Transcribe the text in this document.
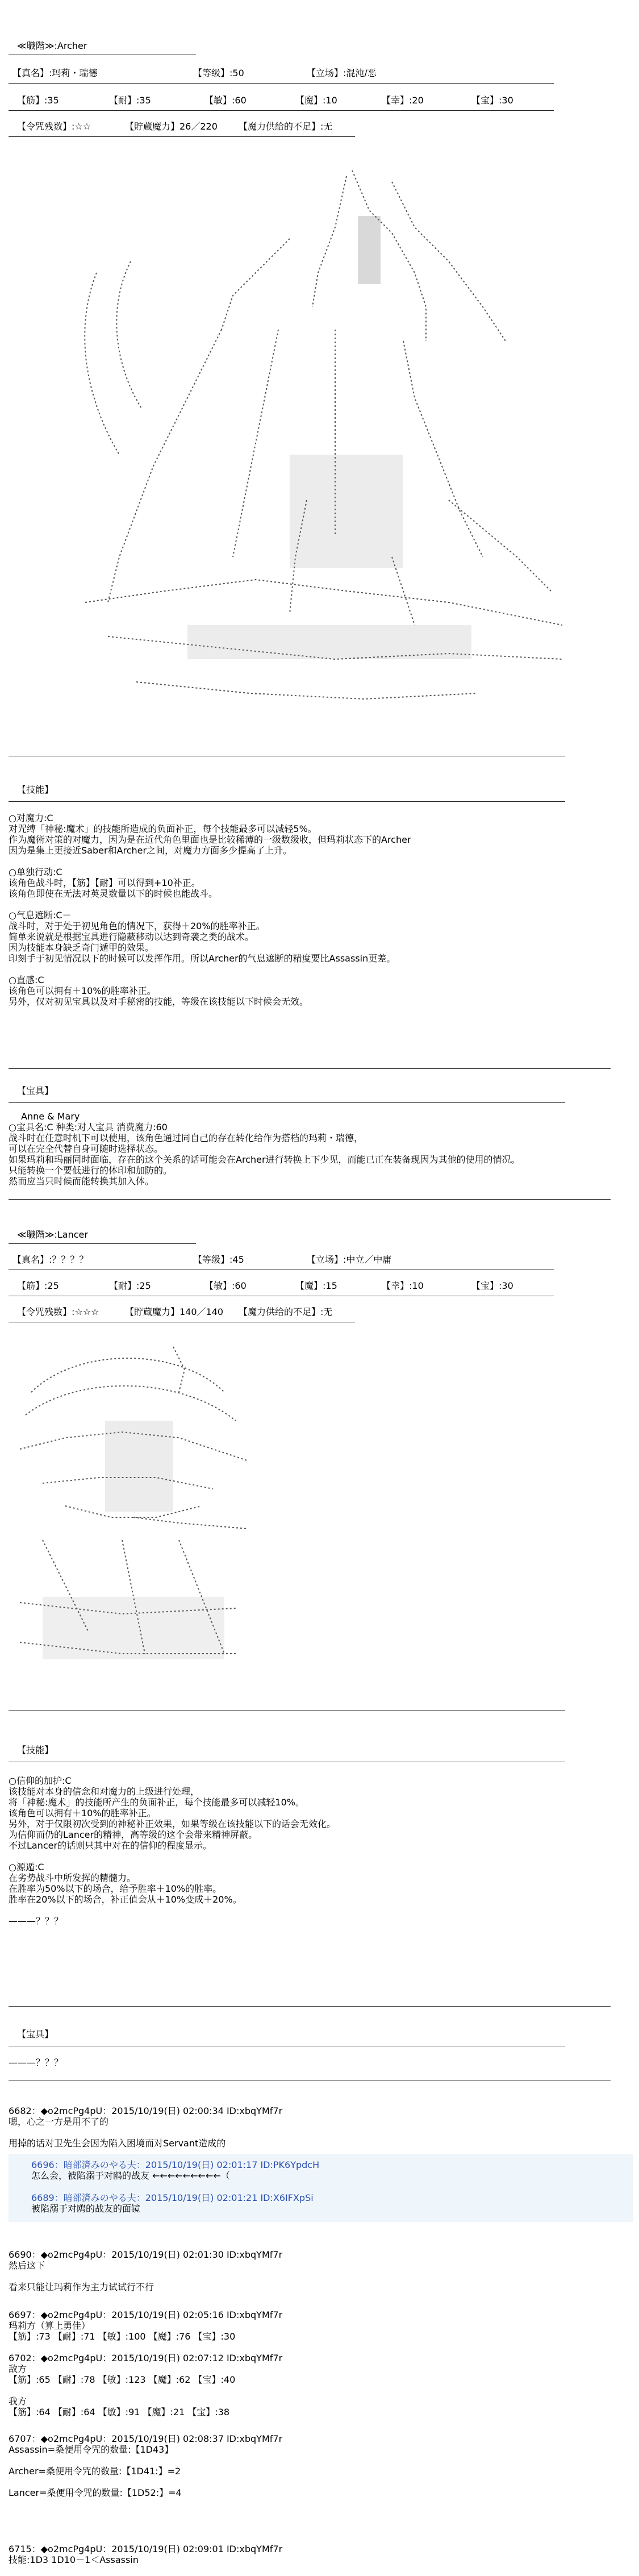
≪職階≫:Archer
【真名】:玛莉・瑞德	【等级】:50	【立场】:混沌/恶
【筋】:35	【耐】:35	【敏】:60	【魔】:10	【幸】:20	【宝】:30
【令咒残数】:☆☆	【貯蔵魔力】26／220 【魔力供給的不足】:无
【技能】
○对魔力:C
对咒缚「神秘:魔术」的技能所造成的负面补正，每个技能最多可以减轻5%。
作为魔術对策的对魔力，因为是在近代角色里面也是比较稀薄的一级数级收，但玛莉状态下的Archer
因为是集上更接近Saber和Archer之间，对魔力方面多少提高了上升。
○单独行动:C
该角色战斗时，【筋】【耐】可以得到+10补正。
该角色即使在无法对英灵数量以下的时候也能战斗。
○气息遮断:C－
战斗时，对于处于初见角色的情况下，获得＋20%的胜率补正。
简单来说就是根据宝具进行隐蔽移动以达到奇袭之类的战术。
因为技能本身缺乏奇门遁甲的效果。
印刻手于初见情况以下的时候可以发挥作用。所以Archer的气息遮断的精度要比Assassin更差。
○直感:C
该角色可以拥有＋10%的胜率补正。
另外，仅对初见宝具以及对手秘密的技能，等级在该技能以下时候会无效。
【宝具】
Anne & Mary
○宝具名:C 种类:对人宝具 消费魔力:60
战斗时在任意时机下可以使用，该角色通过同自己的存在转化给作为搭档的玛莉・瑞德，
可以在完全代替自身可随时选择状态。
如果玛莉和玛丽同时面临，存在的这个关系的话可能会在Archer进行转换上下少见，而能已正在装备现因为其他的使用的情况。
只能转换一个要低进行的体印和加防的。
然而应当只时候而能转换其加入体。
≪職階≫:Lancer
【真名】:？？？？	【等级】:45	【立场】:中立／中庸
【筋】:25	【耐】:25	【敏】:60	【魔】:15	【幸】:10	【宝】:30
【令咒残数】:☆☆☆	【貯蔵魔力】140／140 【魔力供给的不足】:无
【技能】
○信仰的加护:C
该技能对本身的信念和对魔力的上级进行处理，
将「神秘:魔术」的技能所产生的负面补正，每个技能最多可以减轻10%。
该角色可以拥有＋10%的胜率补正。
另外，对于仅限初次受到的神秘补正效果，如果等级在该技能以下的话会无效化。
为信仰而仍的Lancer的精神，高等级的这个会带来精神屏蔽。
不过Lancer的话则只其中对在的信仰的程度显示。
○源遁:C
在劣势战斗中所发挥的精髓力。
在胜率为50%以下的场合，给予胜率＋10%的胜率。
胜率在20%以下的场合，补正值会从＋10%变成＋20%。
———？？？
【宝具】
———？？？
6682：◆o2mcPg4pU：2015/10/19(日) 02:00:34 ID:xbqYMf7r
嗯，心之一方是用不了的
用掉的话对卫先生会因为陷入困境而对Servant造成的
6696：暗部済みのやる夫：2015/10/19(日) 02:01:17 ID:PK6YpdcH
怎么会，被陷溺于对鸥的战友 ←←←←←←←←←（
6689：暗部済みのやる夫：2015/10/19(日) 02:01:21 ID:X6IFXpSi
被陷溺于对鸥的战友的面镜
6690：◆o2mcPg4pU：2015/10/19(日) 02:01:30 ID:xbqYMf7r
然后这下
看来只能让玛莉作为主力试试行不行
6697：◆o2mcPg4pU：2015/10/19(日) 02:05:16 ID:xbqYMf7r
玛莉方（算上勇佳）
【筋】:73 【耐】:71 【敏】:100 【魔】:76 【宝】:30
6702：◆o2mcPg4pU：2015/10/19(日) 02:07:12 ID:xbqYMf7r
敌方
【筋】:65 【耐】:78 【敏】:123 【魔】:62 【宝】:40
我方
【筋】:64 【耐】:64 【敏】:91 【魔】:21 【宝】:38
6707：◆o2mcPg4pU：2015/10/19(日) 02:08:37 ID:xbqYMf7r
Assassin=桑便用令咒的数量:【1D43】
Archer=桑便用令咒的数量:【1D41:】=2
Lancer=桑便用令咒的数量:【1D52:】=4
6715：◆o2mcPg4pU：2015/10/19(日) 02:09:01 ID:xbqYMf7r
技能:1D3 1D10－1＜Assassin
